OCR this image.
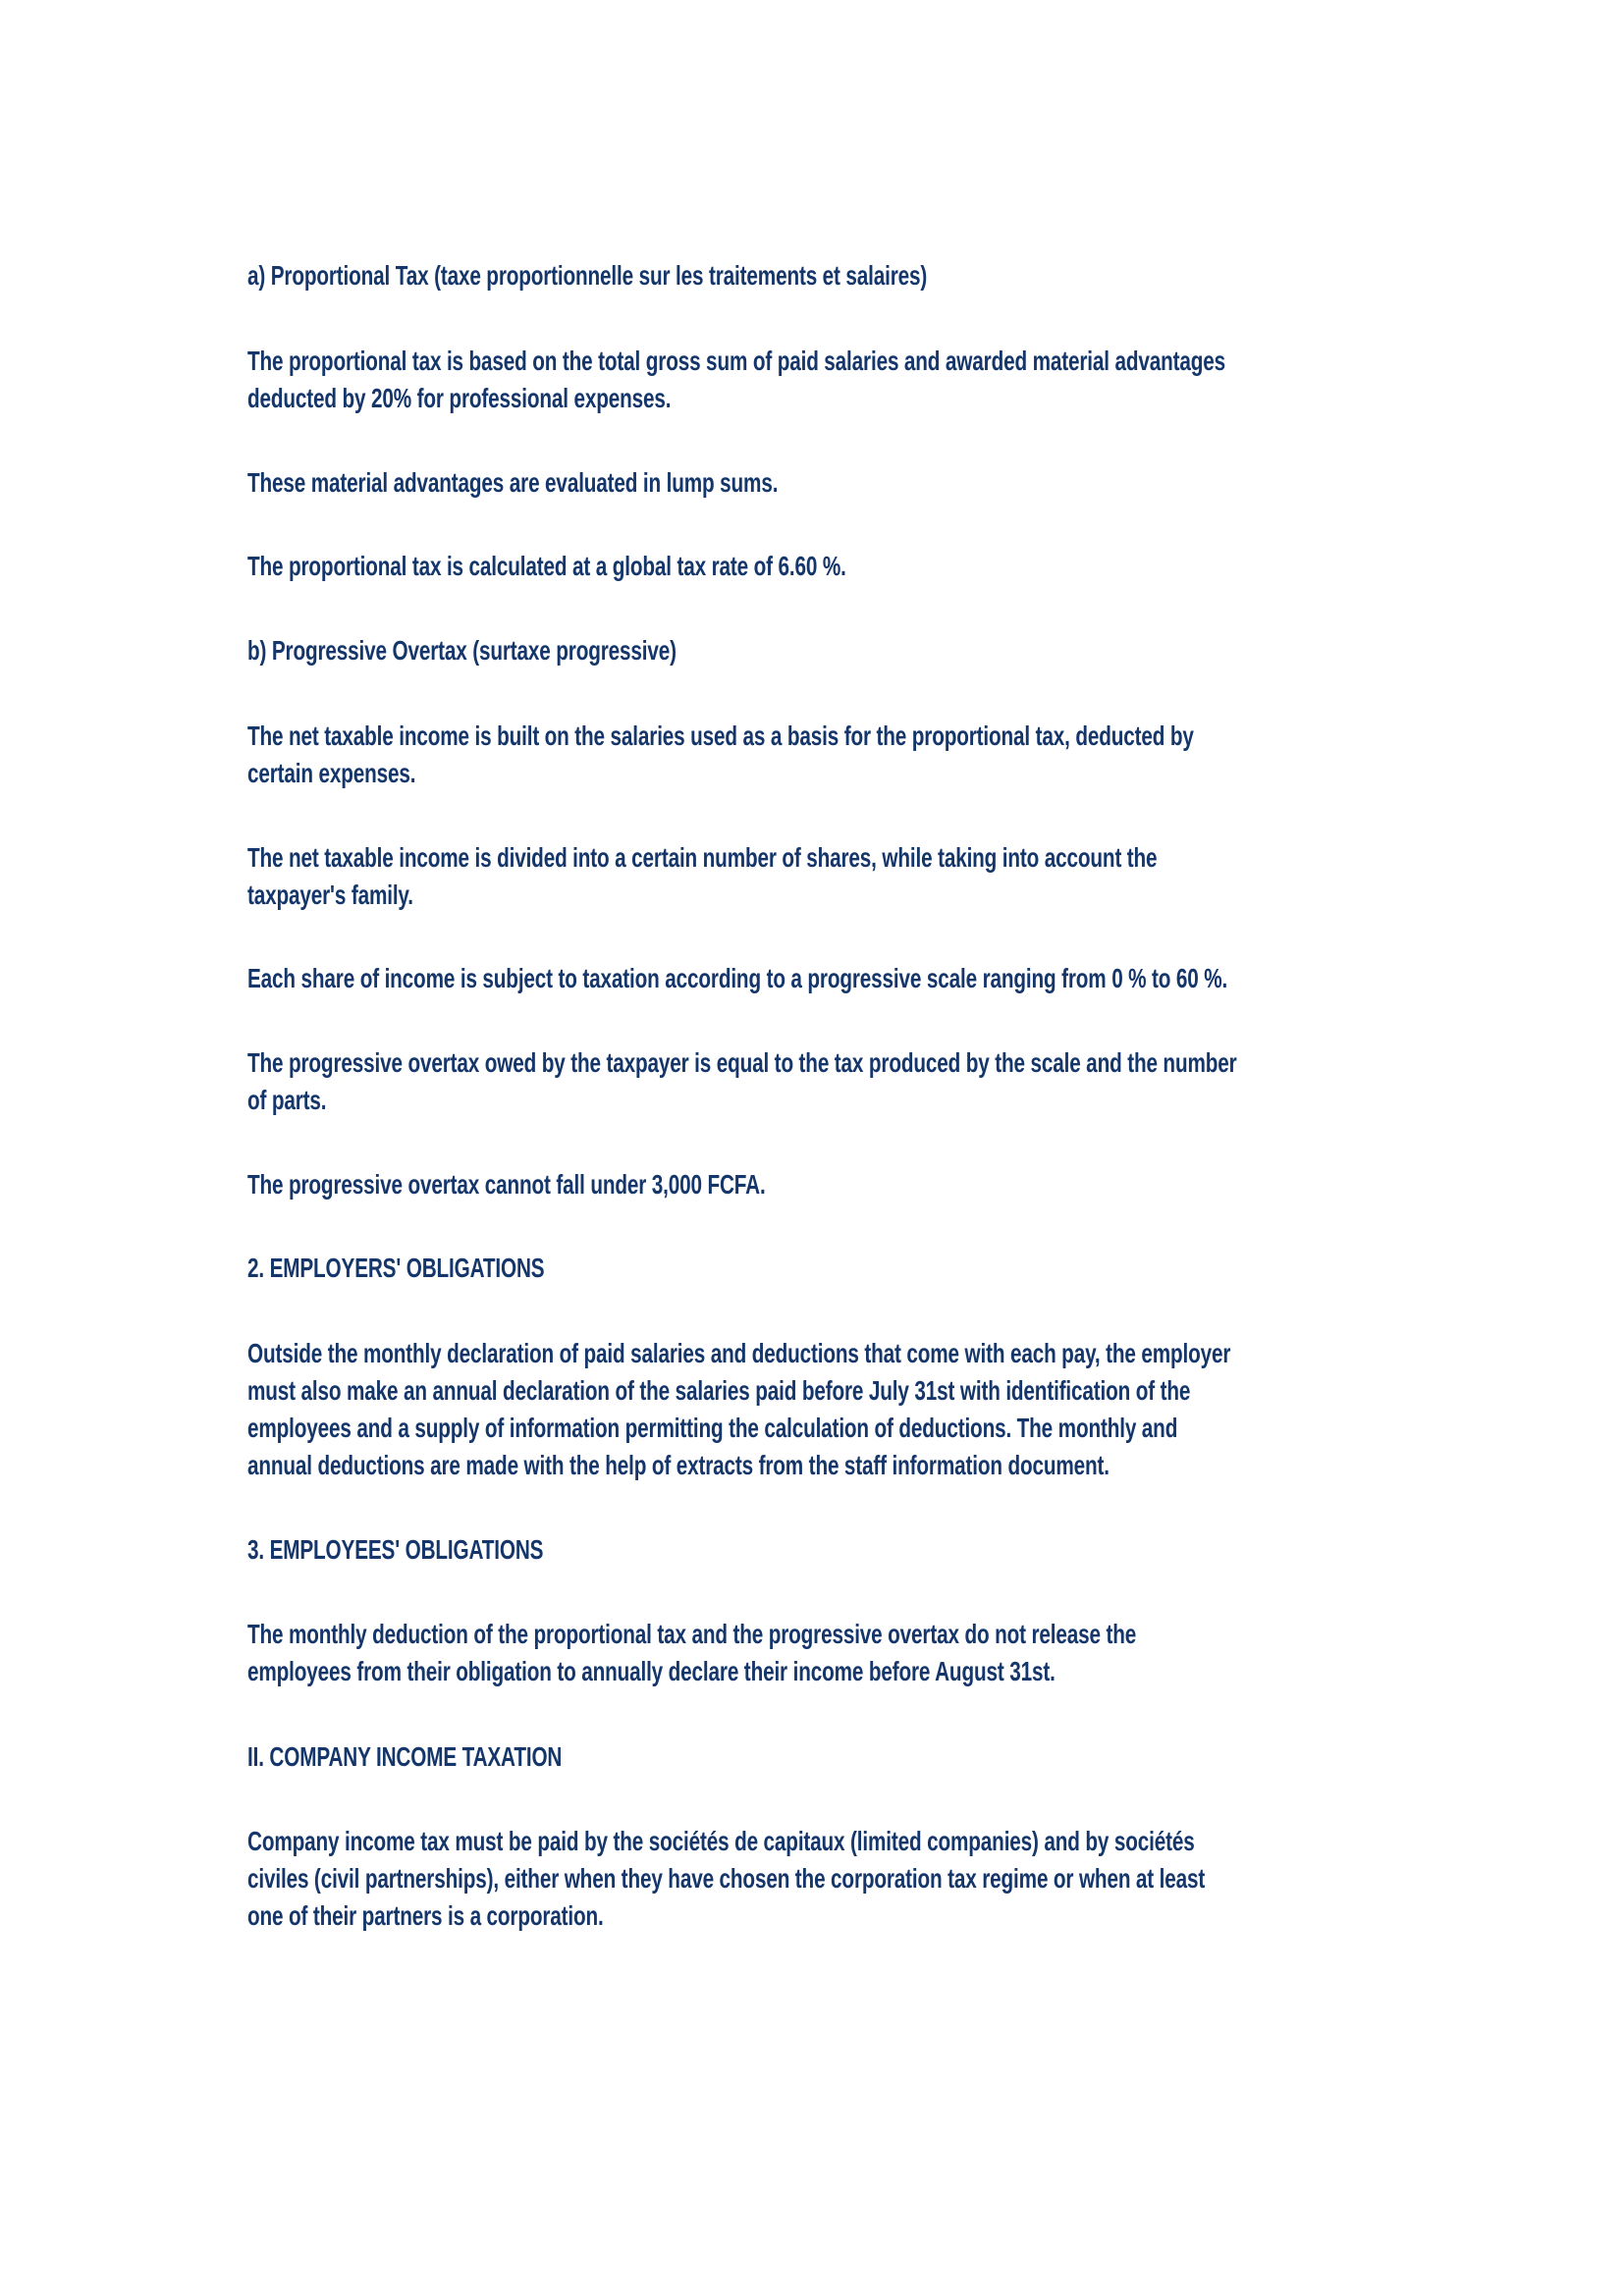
a) Proportional Tax (taxe proportionnelle sur les traitements et salaires)
The proportional tax is based on the total gross sum of paid salaries and awarded material advantages
deducted by 20% for professional expenses.
These material advantages are evaluated in lump sums.
The proportional tax is calculated at a global tax rate of 6.60 %.
b) Progressive Overtax (surtaxe progressive)
The net taxable income is built on the salaries used as a basis for the proportional tax, deducted by
certain expenses.
The net taxable income is divided into a certain number of shares, while taking into account the
taxpayer's family.
Each share of income is subject to taxation according to a progressive scale ranging from 0 % to 60 %.
The progressive overtax owed by the taxpayer is equal to the tax produced by the scale and the number
of parts.
The progressive overtax cannot fall under 3,000 FCFA.
2. EMPLOYERS' OBLIGATIONS
Outside the monthly declaration of paid salaries and deductions that come with each pay, the employer
must also make an annual declaration of the salaries paid before July 31st with identification of the
employees and a supply of information permitting the calculation of deductions. The monthly and
annual deductions are made with the help of extracts from the staff information document.
3. EMPLOYEES' OBLIGATIONS
The monthly deduction of the proportional tax and the progressive overtax do not release the
employees from their obligation to annually declare their income before August 31st.
II. COMPANY INCOME TAXATION
Company income tax must be paid by the sociétés de capitaux (limited companies) and by sociétés
civiles (civil partnerships), either when they have chosen the corporation tax regime or when at least
one of their partners is a corporation.
